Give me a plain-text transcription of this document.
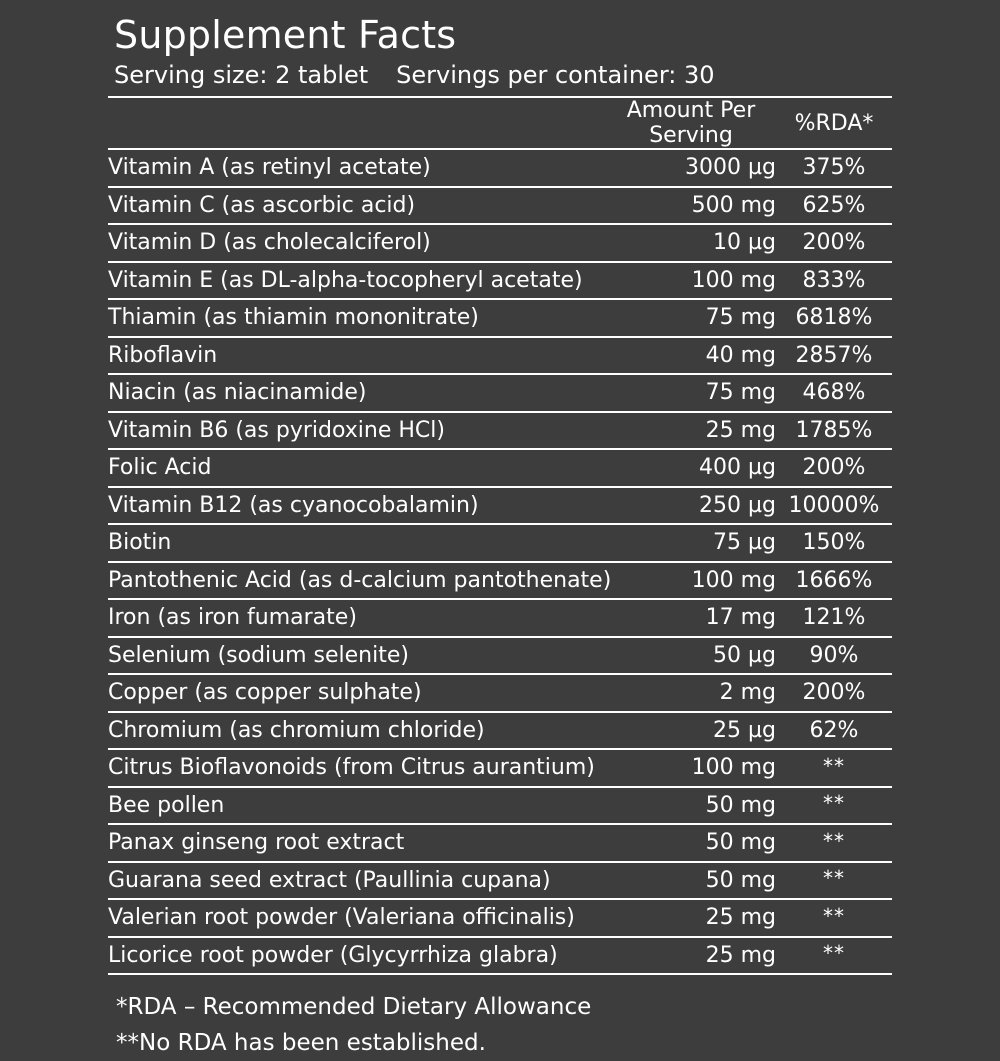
Supplement Facts
Serving size: 2 tablet Servings per container: 30
	Amount Per Serving	%RDA*
Vitamin A (as retinyl acetate)	3000 µg	375%
Vitamin C (as ascorbic acid)	500 mg	625%
Vitamin D (as cholecalciferol)	10 µg	200%
Vitamin E (as DL-alpha-tocopheryl acetate)	100 mg	833%
Thiamin (as thiamin mononitrate)	75 mg	6818%
Riboflavin	40 mg	2857%
Niacin (as niacinamide)	75 mg	468%
Vitamin B6 (as pyridoxine HCl)	25 mg	1785%
Folic Acid	400 µg	200%
Vitamin B12 (as cyanocobalamin)	250 µg	10000%
Biotin	75 µg	150%
Pantothenic Acid (as d-calcium pantothenate)	100 mg	1666%
Iron (as iron fumarate)	17 mg	121%
Selenium (sodium selenite)	50 µg	90%
Copper (as copper sulphate)	2 mg	200%
Chromium (as chromium chloride)	25 µg	62%
Citrus Bioflavonoids (from Citrus aurantium)	100 mg	**
Bee pollen	50 mg	**
Panax ginseng root extract	50 mg	**
Guarana seed extract (Paullinia cupana)	50 mg	**
Valerian root powder (Valeriana officinalis)	25 mg	**
Licorice root powder (Glycyrrhiza glabra)	25 mg	**
*RDA – Recommended Dietary Allowance
**No RDA has been established.
